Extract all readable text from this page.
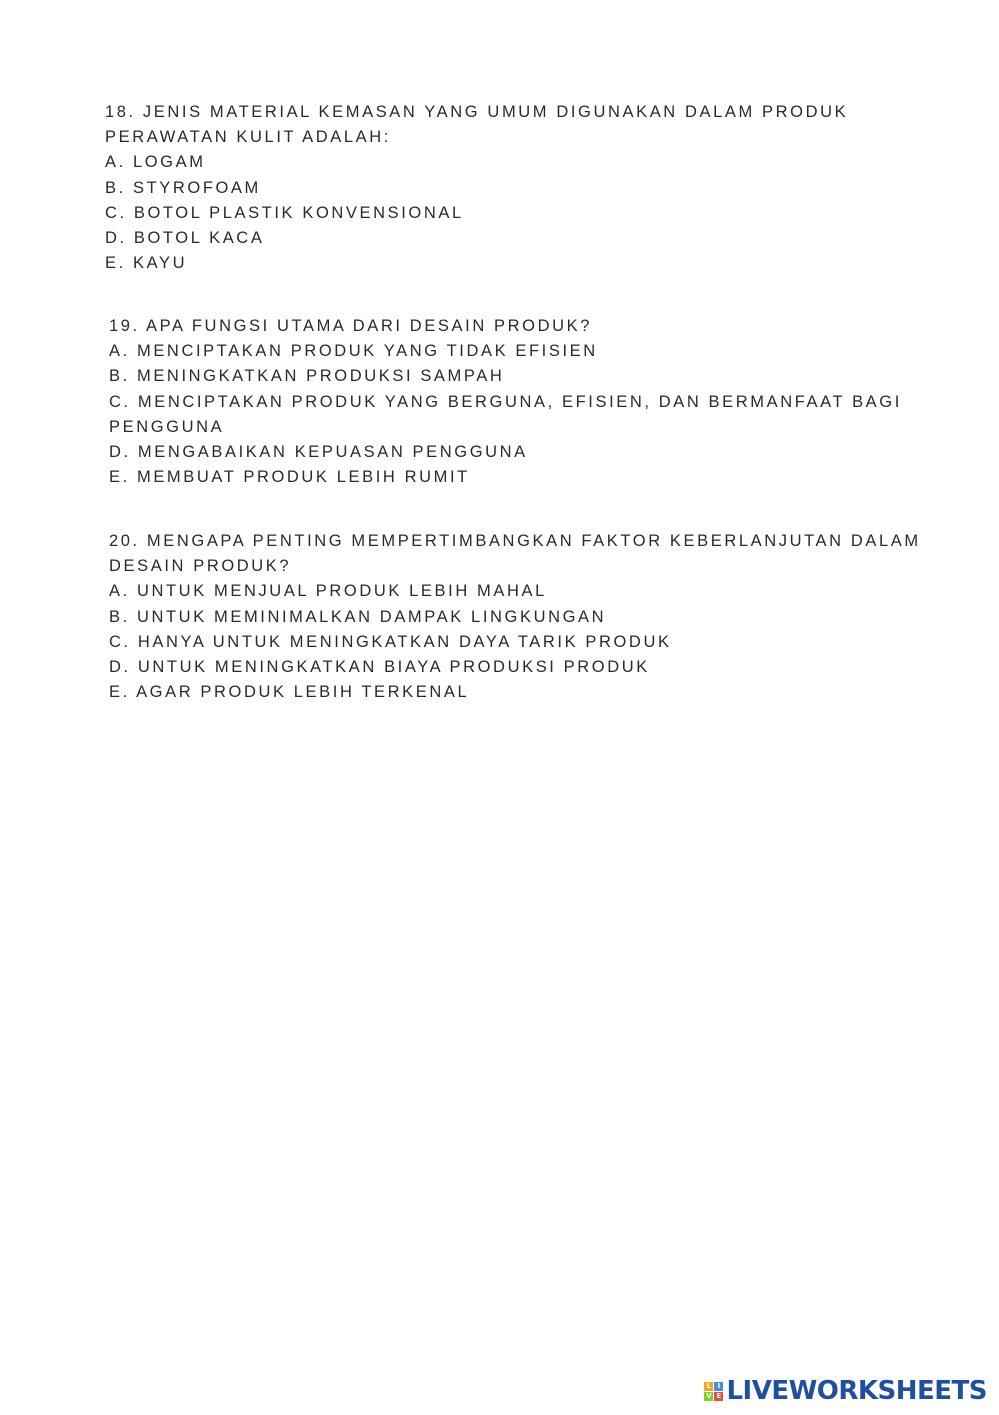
18. JENIS MATERIAL KEMASAN YANG UMUM DIGUNAKAN DALAM PRODUK
PERAWATAN KULIT ADALAH:
A. LOGAM
B. STYROFOAM
C. BOTOL PLASTIK KONVENSIONAL
D. BOTOL KACA
E. KAYU
19. APA FUNGSI UTAMA DARI DESAIN PRODUK?
A. MENCIPTAKAN PRODUK YANG TIDAK EFISIEN
B. MENINGKATKAN PRODUKSI SAMPAH
C. MENCIPTAKAN PRODUK YANG BERGUNA, EFISIEN, DAN BERMANFAAT BAGI
PENGGUNA
D. MENGABAIKAN KEPUASAN PENGGUNA
E. MEMBUAT PRODUK LEBIH RUMIT
20. MENGAPA PENTING MEMPERTIMBANGKAN FAKTOR KEBERLANJUTAN DALAM
DESAIN PRODUK?
A. UNTUK MENJUAL PRODUK LEBIH MAHAL
B. UNTUK MEMINIMALKAN DAMPAK LINGKUNGAN
C. HANYA UNTUK MENINGKATKAN DAYA TARIK PRODUK
D. UNTUK MENINGKATKAN BIAYA PRODUKSI PRODUK
E. AGAR PRODUK LEBIH TERKENAL
L I
V E LIVEWORKSHEETS
